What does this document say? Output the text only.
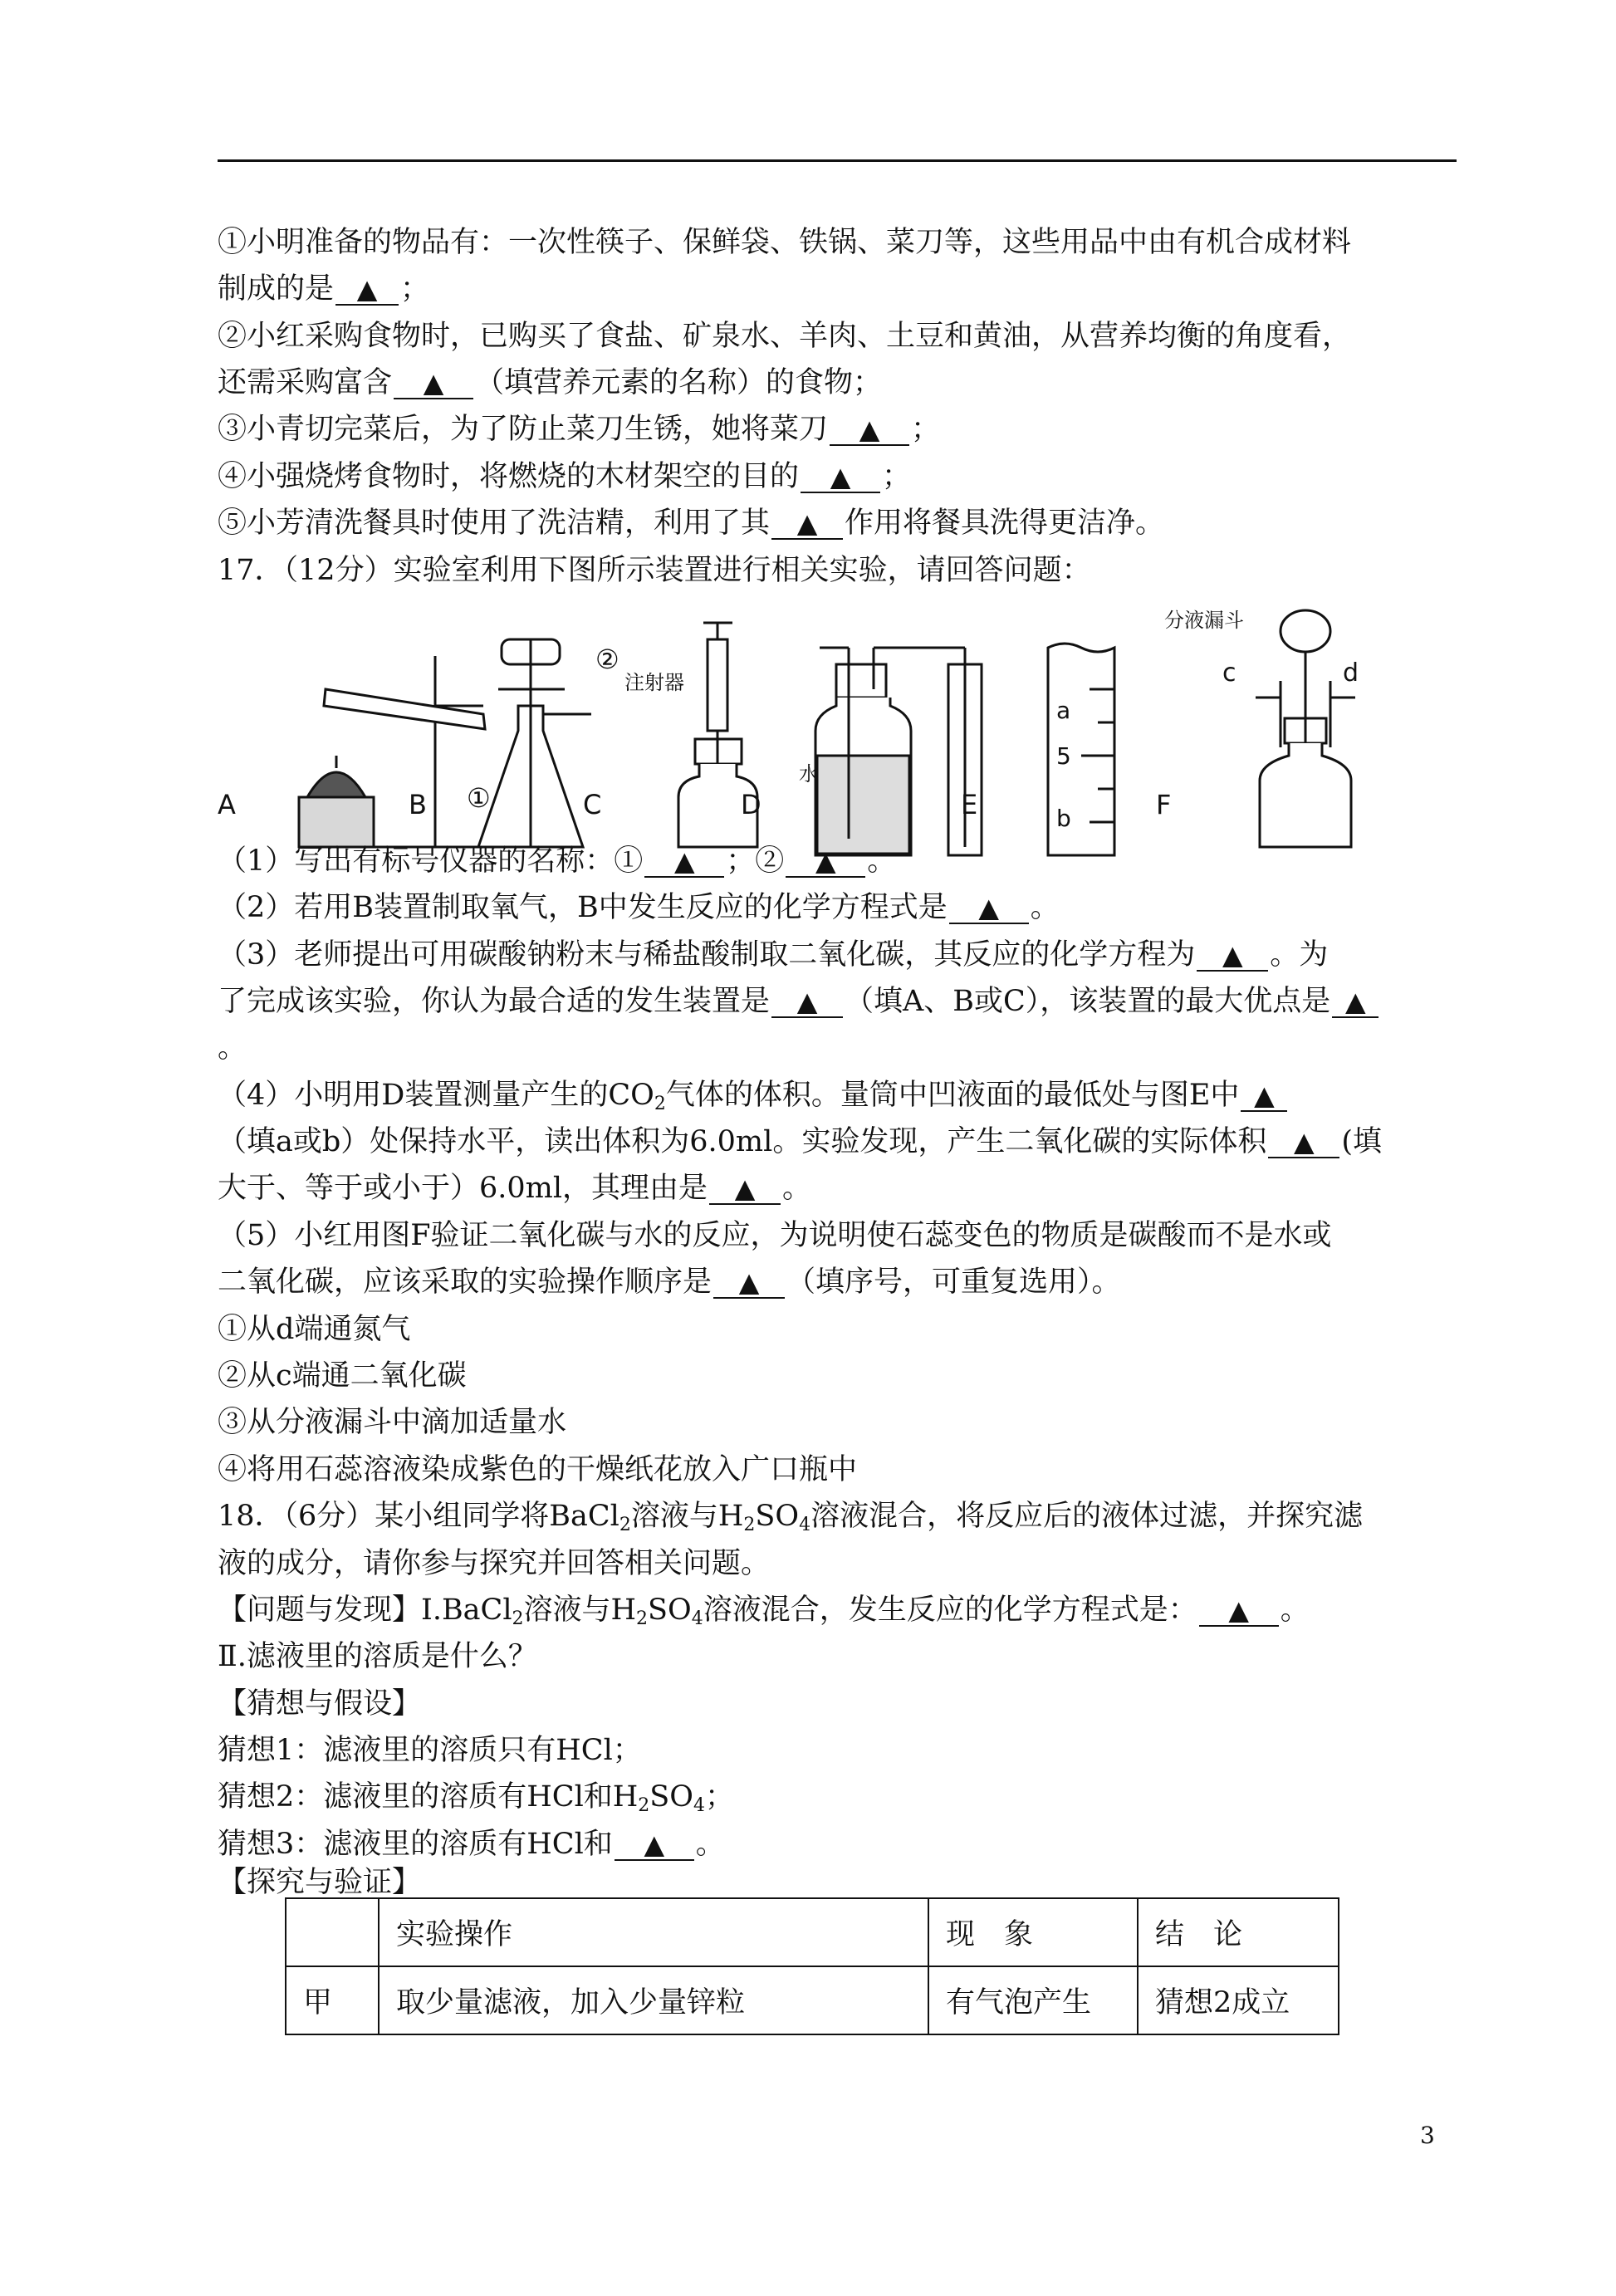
①小明准备的物品有：一次性筷子、保鲜袋、铁锅、菜刀等，这些用品中由有机合成材料
制成的是 ▲ ；
②小红采购食物时，已购买了食盐、矿泉水、羊肉、土豆和黄油，从营养均衡的角度看，
还需采购富含 ▲ （填营养元素的名称）的食物；
③小青切完菜后，为了防止菜刀生锈，她将菜刀 ▲ ；
④小强烧烤食物时，将燃烧的木材架空的目的 ▲ ；
⑤小芳清洗餐具时使用了洗洁精，利用了其 ▲ 作用将餐具洗得更洁净。
17．（12分）实验室利用下图所示装置进行相关实验，请回答问题：
A	B ①	C
②
注射器
D
水
E
a
5
b	F
分液漏斗
c	d
（1）写出有标号仪器的名称：① ▲ ；② ▲ 。
（2）若用B装置制取氧气，B中发生反应的化学方程式是 ▲ 。
（3）老师提出可用碳酸钠粉末与稀盐酸制取二氧化碳，其反应的化学方程为 ▲ 。为
了完成该实验，你认为最合适的发生装置是 ▲ （填A、B或C），该装置的最大优点是 ▲
。
（4）小明用D装置测量产生的$CO_2$气体的体积。量筒中凹液面的最低处与图E中 ▲
（填a或b）处保持水平，读出体积为6.0ml。实验发现，产生二氧化碳的实际体积 ▲ (填
大于、等于或小于）6.0ml，其理由是 ▲ 。
（5）小红用图F验证二氧化碳与水的反应，为说明使石蕊变色的物质是碳酸而不是水或
二氧化碳，应该采取的实验操作顺序是 ▲ （填序号，可重复选用）。
①从d端通氮气
②从c端通二氧化碳
③从分液漏斗中滴加适量水
④将用石蕊溶液染成紫色的干燥纸花放入广口瓶中
18．（6分）某小组同学将BaCl$_2$溶液与$H_2SO_4$溶液混合，将反应后的液体过滤，并探究滤
液的成分，请你参与探究并回答相关问题。
【问题与发现】Ⅰ.BaCl$_2$溶液与$H_2SO_4$溶液混合，发生反应的化学方程式是： ▲ 。
Ⅱ.滤液里的溶质是什么？
【猜想与假设】
猜想1：滤液里的溶质只有HCl；
猜想2：滤液里的溶质有HCl和$H_2SO_4$；
猜想3：滤液里的溶质有HCl和 ▲ 。
【探究与验证】
	实验操作	现　象	结　论
甲	取少量滤液，加入少量锌粒	有气泡产生	猜想2成立
3
